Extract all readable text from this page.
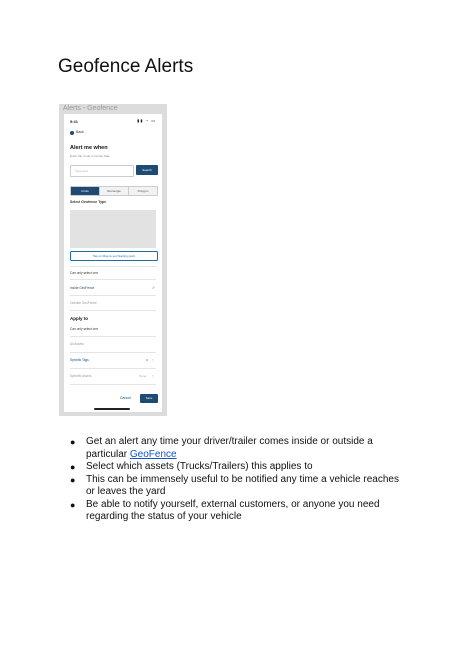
Geofence Alerts
Alerts - Geofence
9:41	▮▮ ◔ ▭
Back
Alert me when
Enter Zip Code to Center Map
Type here	Search
Circle	Rectangle	Polygon
Select Geofence Type
Tap on Map to set Starting point
Can only select one
Inside GeoFence	✓
Outside GeoFence
Apply to
Can only select one
All Assets
Specific Tags	3 ›
Specific Assets	None ›
Cancel	Save
● Get an alert any time your driver/trailer comes inside or outside a particular GeoFence
● Select which assets (Trucks/Trailers) this applies to
● This can be immensely useful to be notified any time a vehicle reaches or leaves the yard
● Be able to notify yourself, external customers, or anyone you need regarding the status of your vehicle
